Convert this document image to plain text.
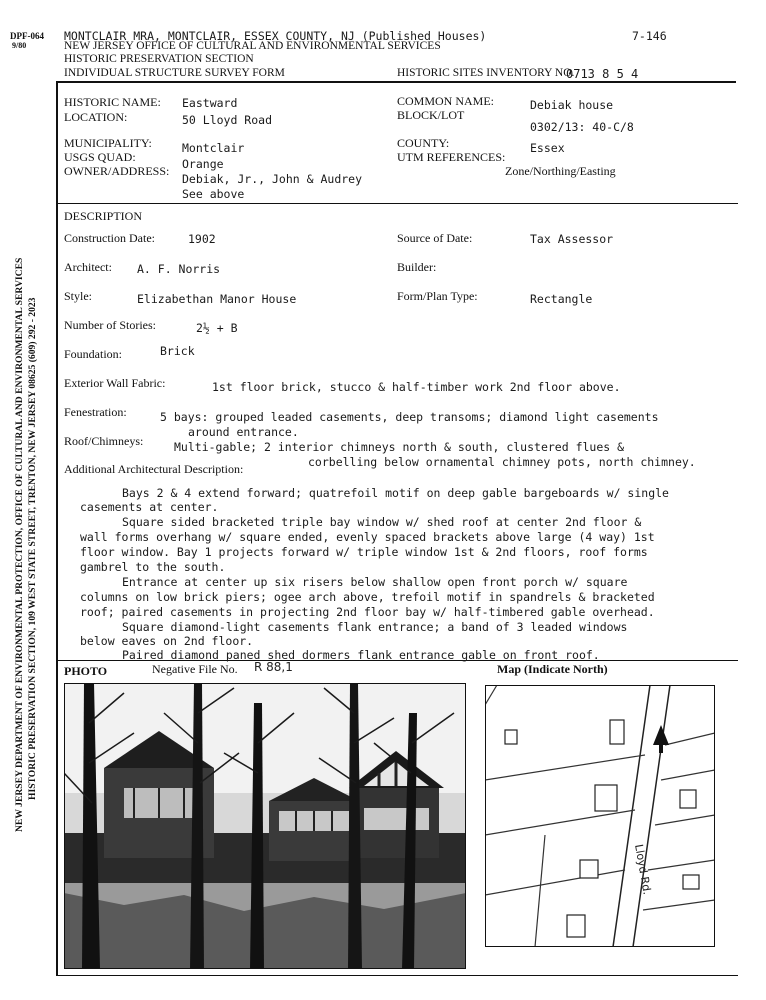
NEW JERSEY DEPARTMENT OF ENVIRONMENTAL PROTECTION, OFFICE OF CULTURAL AND ENVIRONMENTAL SERVICES HISTORIC PRESERVATION SECTION, 109 WEST STATE STREET, TRENTON, NEW JERSEY 08625 (609) 292 - 2023
DPF-064
9/80
MONTCLAIR MRA, MONTCLAIR, ESSEX COUNTY, NJ (Published Houses)	7-146
NEW JERSEY OFFICE OF CULTURAL AND ENVIRONMENTAL SERVICES
HISTORIC PRESERVATION SECTION
INDIVIDUAL STRUCTURE SURVEY FORM	HISTORIC SITES INVENTORY NO.
0713 8 5 4
HISTORIC NAME: Eastward
LOCATION:	50 Lloyd Road
MUNICIPALITY:	Montclair
USGS QUAD:	Orange
OWNER/ADDRESS:
Debiak, Jr., John & Audrey
See above
COMMON NAME:	Debiak house
BLOCK/LOT
0302/13: 40-C/8
COUNTY:	Essex
UTM REFERENCES:
Zone/Northing/Easting
DESCRIPTION
Construction Date:	1902	Source of Date:	Tax Assessor
Architect: A. F. Norris	Builder:
Style:	Elizabethan Manor House	Form/Plan Type:	Rectangle
Number of Stories:	2½ + B
Foundation:	Brick
Exterior Wall Fabric:	1st floor brick, stucco & half-timber work 2nd floor above.
Fenestration:	5 bays: grouped leaded casements, deep transoms; diamond light casements
around entrance.
Roof/Chimneys:	Multi-gable; 2 interior chimneys north & south, clustered flues &
corbelling below ornamental chimney pots, north chimney.
Additional Architectural Description:
Bays 2 & 4 extend forward; quatrefoil motif on deep gable bargeboards w/ single
casements at center.
Square sided bracketed triple bay window w/ shed roof at center 2nd floor &
wall forms overhang w/ square ended, evenly spaced brackets above large (4 way) 1st
floor window. Bay 1 projects forward w/ triple window 1st & 2nd floors, roof forms
gambrel to the south.
Entrance at center up six risers below shallow open front porch w/ square
columns on low brick piers; ogee arch above, trefoil motif in spandrels & bracketed
roof; paired casements in projecting 2nd floor bay w/ half-timbered gable overhead.
Square diamond-light casements flank entrance; a band of 3 leaded windows
below eaves on 2nd floor.
Paired diamond paned shed dormers flank entrance gable on front roof.
PHOTO	Negative File No. R 88,1	Map (Indicate North)
Lloyd Rd.
